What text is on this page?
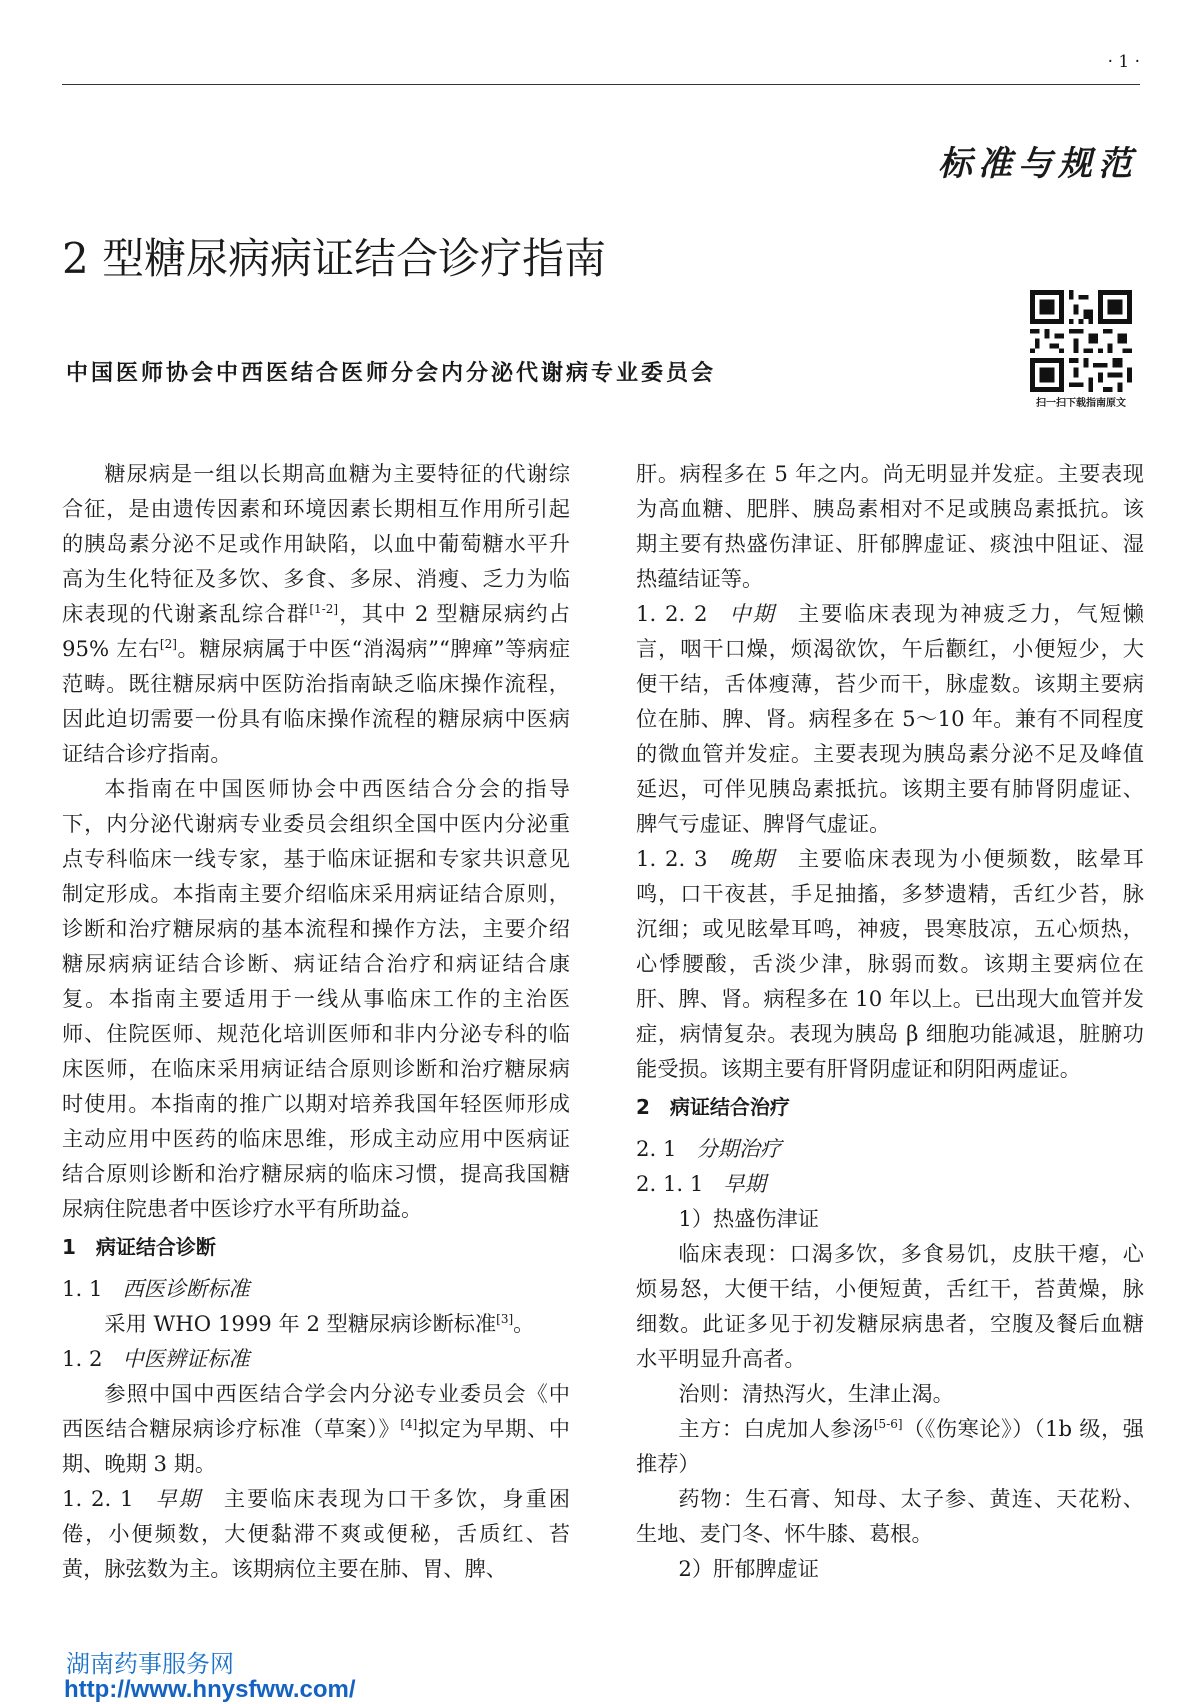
· 1 ·
标准与规范
2 型糖尿病病证结合诊疗指南
中国医师协会中西医结合医师分会内分泌代谢病专业委员会
扫一扫下载指南原文

糖尿病是一组以长期高血糖为主要特征的代谢综合征，是由遗传因素和环境因素长期相互作用所引起的胰岛素分泌不足或作用缺陷，以血中葡萄糖水平升高为生化特征及多饮、多食、多尿、消瘦、乏力为临床表现的代谢紊乱综合群[1-2]，其中 2 型糖尿病约占 95% 左右[2]。糖尿病属于中医“消渴病”“脾瘅”等病症范畴。既往糖尿病中医防治指南缺乏临床操作流程，因此迫切需要一份具有临床操作流程的糖尿病中医病证结合诊疗指南。

本指南在中国医师协会中西医结合分会的指导下，内分泌代谢病专业委员会组织全国中医内分泌重点专科临床一线专家，基于临床证据和专家共识意见制定形成。本指南主要介绍临床采用病证结合原则，诊断和治疗糖尿病的基本流程和操作方法，主要介绍糖尿病病证结合诊断、病证结合治疗和病证结合康复。本指南主要适用于一线从事临床工作的主治医师、住院医师、规范化培训医师和非内分泌专科的临床医师，在临床采用病证结合原则诊断和治疗糖尿病时使用。本指南的推广以期对培养我国年轻医师形成主动应用中医药的临床思维，形成主动应用中医病证结合原则诊断和治疗糖尿病的临床习惯，提高我国糖尿病住院患者中医诊疗水平有所助益。

1　病证结合诊断

1. 1 西医诊断标准

采用 WHO 1999 年 2 型糖尿病诊断标准[3]。

1. 2 中医辨证标准

参照中国中西医结合学会内分泌专业委员会《中西医结合糖尿病诊疗标准（草案）》[4]拟定为早期、中期、晚期 3 期。

1. 2. 1 早期 主要临床表现为口干多饮，身重困倦，小便频数，大便黏滞不爽或便秘，舌质红、苔黄，脉弦数为主。该期病位主要在肺、胃、脾、

肝。病程多在 5 年之内。尚无明显并发症。主要表现为高血糖、肥胖、胰岛素相对不足或胰岛素抵抗。该期主要有热盛伤津证、肝郁脾虚证、痰浊中阻证、湿热蕴结证等。

1. 2. 2 中期 主要临床表现为神疲乏力，气短懒言，咽干口燥，烦渴欲饮，午后颧红，小便短少，大便干结，舌体瘦薄，苔少而干，脉虚数。该期主要病位在肺、脾、肾。病程多在 5～10 年。兼有不同程度的微血管并发症。主要表现为胰岛素分泌不足及峰值延迟，可伴见胰岛素抵抗。该期主要有肺肾阴虚证、脾气亏虚证、脾肾气虚证。

1. 2. 3 晚期 主要临床表现为小便频数，眩晕耳鸣，口干夜甚，手足抽搐，多梦遗精，舌红少苔，脉沉细；或见眩晕耳鸣，神疲，畏寒肢凉，五心烦热，心悸腰酸，舌淡少津，脉弱而数。该期主要病位在肝、脾、肾。病程多在 10 年以上。已出现大血管并发症，病情复杂。表现为胰岛 β 细胞功能减退，脏腑功能受损。该期主要有肝肾阴虚证和阴阳两虚证。

2　病证结合治疗

2. 1 分期治疗

2. 1. 1 早期

1）热盛伤津证

临床表现：口渴多饮，多食易饥，皮肤干瘪，心烦易怒，大便干结，小便短黄，舌红干，苔黄燥，脉细数。此证多见于初发糖尿病患者，空腹及餐后血糖水平明显升高者。

治则：清热泻火，生津止渴。

主方：白虎加人参汤[5-6]（《伤寒论》）（1b 级，强推荐）

药物：生石膏、知母、太子参、黄连、天花粉、生地、麦门冬、怀牛膝、葛根。

2）肝郁脾虚证

湖南药事服务网
http://www.hnysfww.com/
